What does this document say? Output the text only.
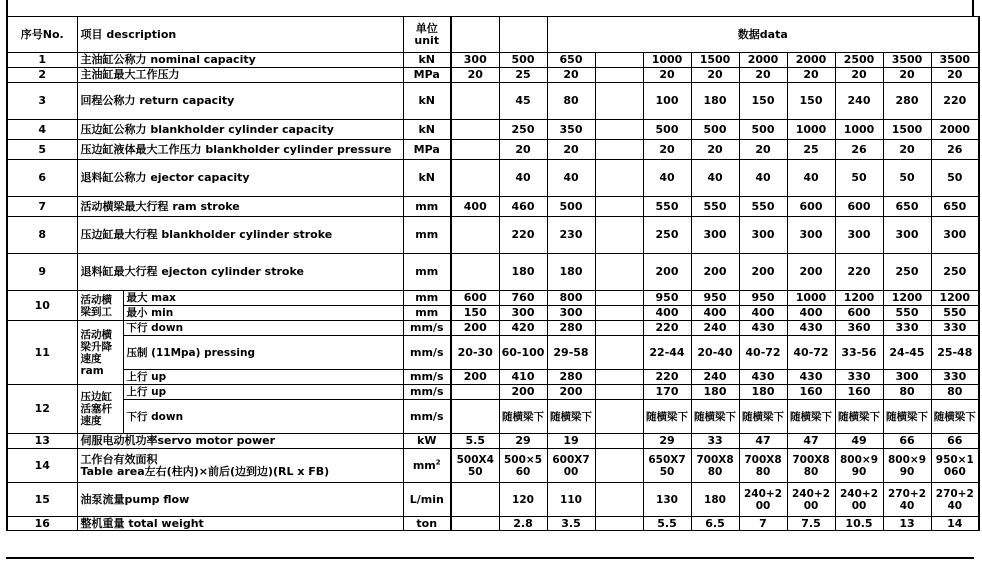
序号No.	项目 description		单位
unit			数据data								
1	主油缸公称力 nominal capacity		kN	300	500	650		1000	1500	2000	2000	2500	3500	3500
2	主油缸最大工作压力		MPa	20	25	20		20	20	20	20	20	20	20
3	回程公称力 return capacity		kN		45	80		100	180	150	150	240	280	220
4	压边缸公称力 blankholder cylinder capacity		kN		250	350		500	500	500	1000	1000	1500	2000
5	压边缸液体最大工作压力 blankholder cylinder pressure		MPa		20	20		20	20	20	25	26	20	26
6	退料缸公称力 ejector capacity		kN		40	40		40	40	40	40	50	50	50
7	活动横梁最大行程 ram stroke		mm	400	460	500		550	550	550	600	600	650	650
8	压边缸最大行程 blankholder cylinder stroke		mm		220	230		250	300	300	300	300	300	300
9	退料缸最大行程 ejecton cylinder stroke		mm		180	180		200	200	200	200	220	250	250
10	活动横梁到工	最大 max	mm	600	760	800		950	950	950	1000	1200	1200	1200
		最小 min	mm	150	300	300		400	400	400	400	600	550	550
11	活动横
梁升降
速度
ram	下行 down	mm/s	200	420	280		220	240	430	430	360	330	330
		压制 (11Mpa) pressing	mm/s	20-30	60-100	29-58		22-44	20-40	40-72	40-72	33-56	24-45	25-48
		上行 up	mm/s	200	410	280		220	240	430	430	330	300	330
12	压边缸
活塞杆
速度	上行 up	mm/s		200	200		170	180	180	160	160	80	80
		下行 down	mm/s		随横梁下	随横梁下		随横梁下	随横梁下	随横梁下	随横梁下	随横梁下	随横梁下	随横梁下
13	伺服电动机功率servo motor power		kW	5.5	29	19		29	33	47	47	49	66	66
14	工作台有效面积
Table area左右(柱内)×前后(边到边)(RL x FB)		$mm^2$	500X450	500×560	600X700		650X750	700X880	700X880	700X880	800×990	800×990	950×1060
15	油泵流量pump flow		L/min		120	110		130	180	240+200	240+200	240+200	270+240	270+240
16	整机重量 total weight		ton		2.8	3.5		5.5	6.5	7	7.5	10.5	13	14
